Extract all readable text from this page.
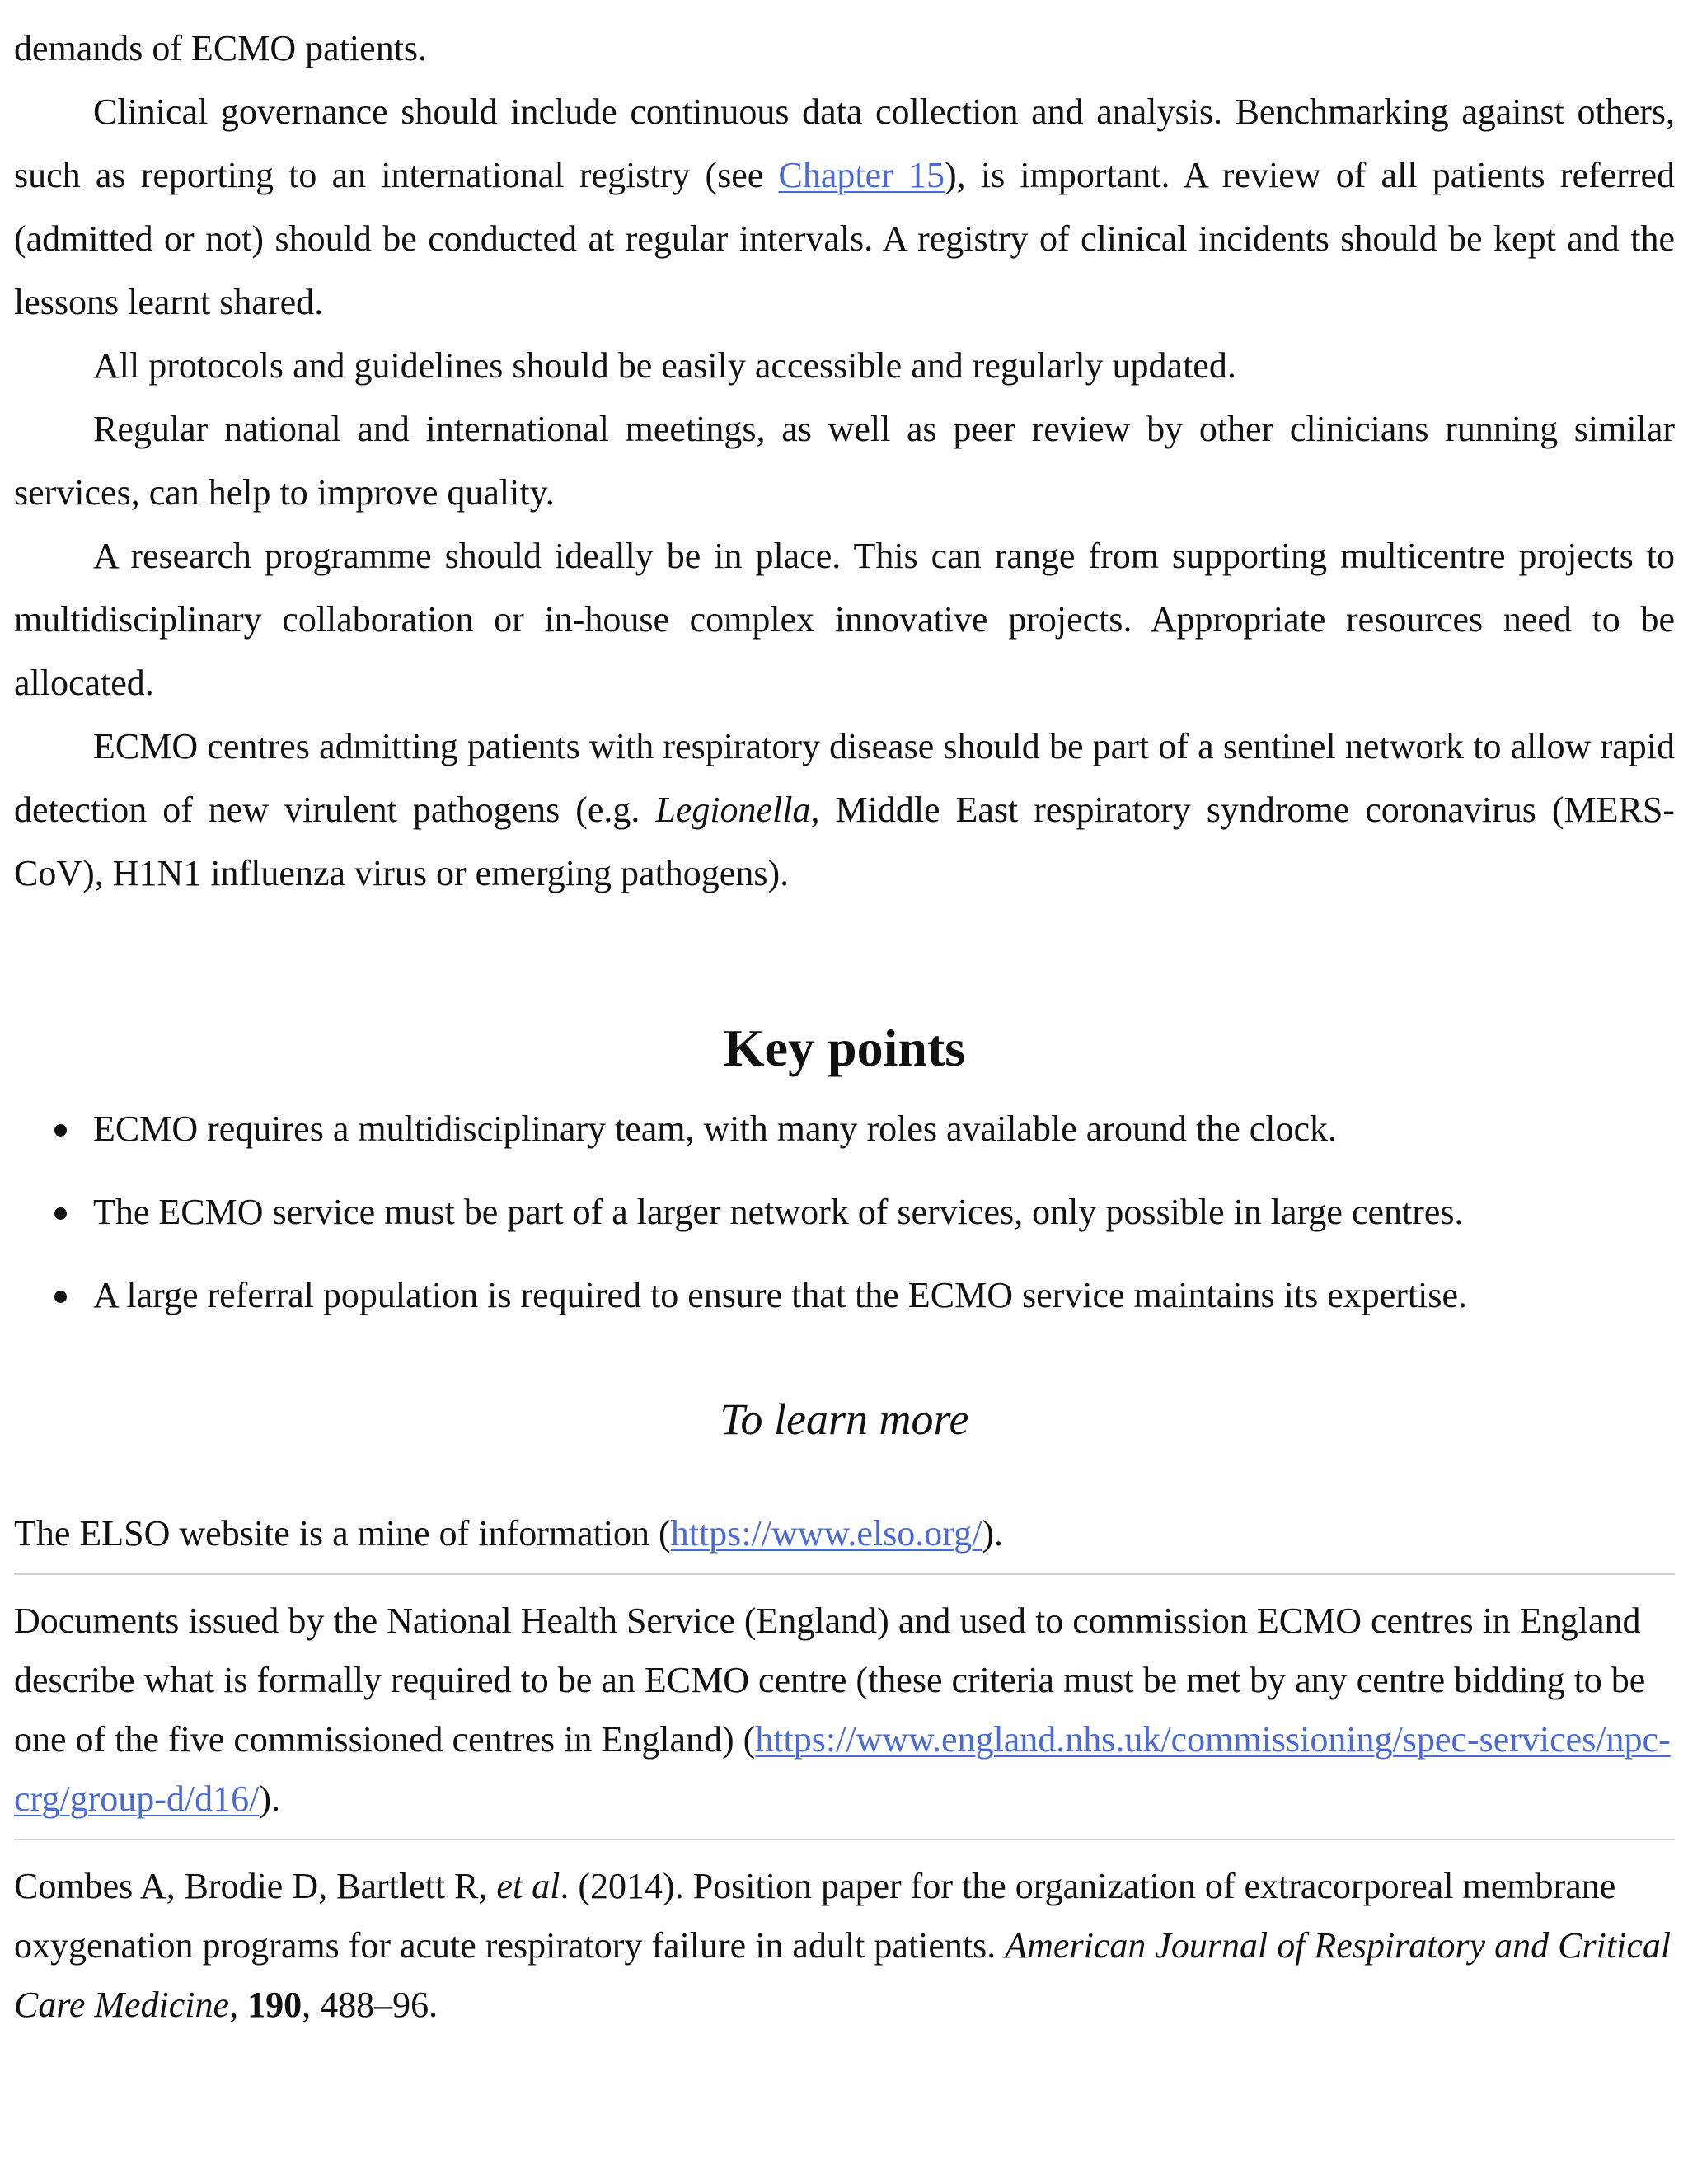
demands of ECMO patients.

Clinical governance should include continuous data collection and analysis. Benchmarking against others, such as reporting to an international registry (see Chapter 15), is important. A review of all patients referred (admitted or not) should be conducted at regular intervals. A registry of clinical incidents should be kept and the lessons learnt shared.

All protocols and guidelines should be easily accessible and regularly updated.

Regular national and international meetings, as well as peer review by other clinicians running similar services, can help to improve quality.

A research programme should ideally be in place. This can range from supporting multicentre projects to multidisciplinary collaboration or in-house complex innovative projects. Appropriate resources need to be allocated.

ECMO centres admitting patients with respiratory disease should be part of a sentinel network to allow rapid detection of new virulent pathogens (e.g. Legionella, Middle East respiratory syndrome coronavirus (MERS-CoV), H1N1 influenza virus or emerging pathogens).

Key points
ECMO requires a multidisciplinary team, with many roles available around the clock.
The ECMO service must be part of a larger network of services, only possible in large centres.
A large referral population is required to ensure that the ECMO service maintains its expertise.
To learn more
The ELSO website is a mine of information (https://www.elso.org/).
Documents issued by the National Health Service (England) and used to commission ECMO centres in England describe what is formally required to be an ECMO centre (these criteria must be met by any centre bidding to be one of the five commissioned centres in England) (https://www.england.nhs.uk/commissioning/spec-services/npc-crg/group-d/d16/).
Combes A, Brodie D, Bartlett R, et al. (2014). Position paper for the organization of extracorporeal membrane oxygenation programs for acute respiratory failure in adult patients. American Journal of Respiratory and Critical Care Medicine, 190, 488–96.
